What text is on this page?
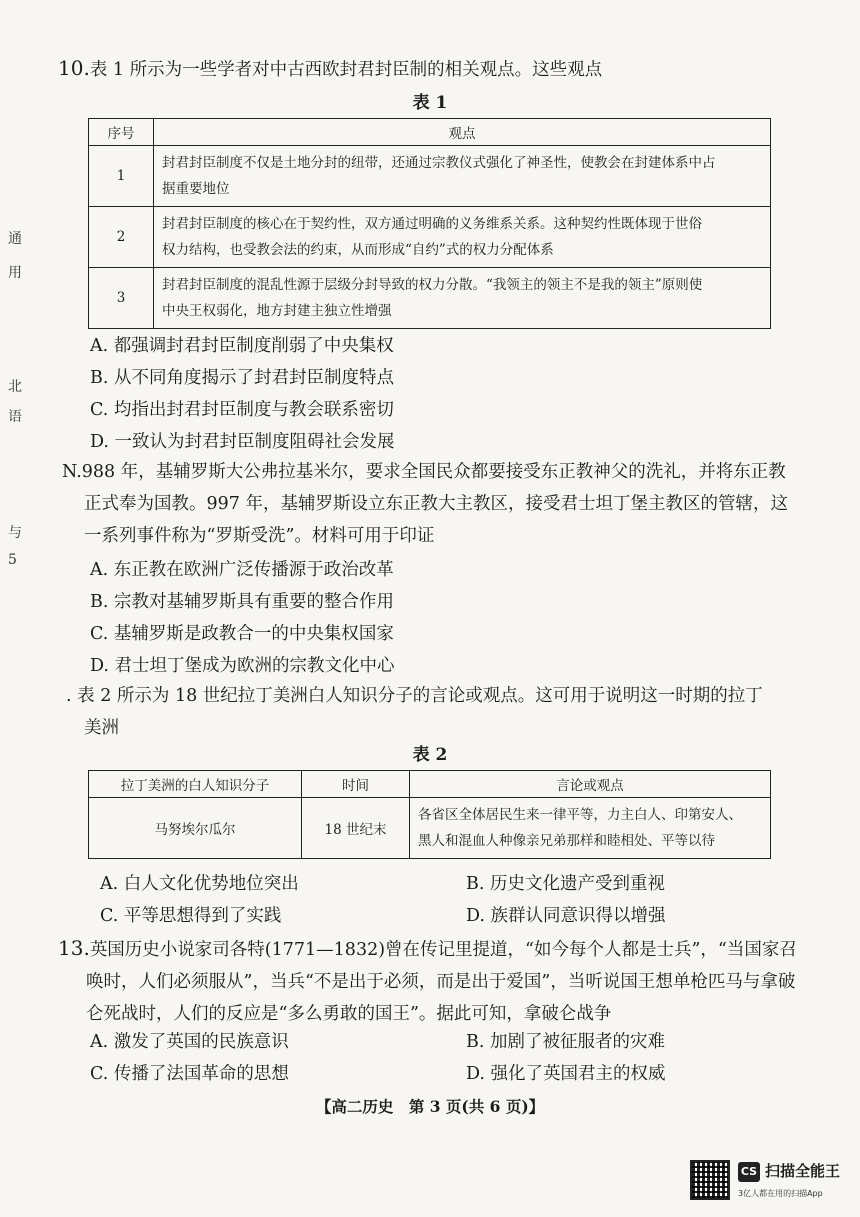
通
用
北
语
与
5
10.表 1 所示为一些学者对中古西欧封君封臣制的相关观点。这些观点
表 1
序号	观点
1	封君封臣制度不仅是土地分封的纽带，还通过宗教仪式强化了神圣性，使教会在封建体系中占
据重要地位

2	封君封臣制度的核心在于契约性，双方通过明确的义务维系关系。这种契约性既体现于世俗
权力结构，也受教会法的约束，从而形成“自约”式的权力分配体系

3	封君封臣制度的混乱性源于层级分封导致的权力分散。“我领主的领主不是我的领主”原则使
中央王权弱化，地方封建主独立性增强
A. 都强调封君封臣制度削弱了中央集权
B. 从不同角度揭示了封君封臣制度特点
C. 均指出封君封臣制度与教会联系密切
D. 一致认为封君封臣制度阻碍社会发展
N.988 年，基辅罗斯大公弗拉基米尔，要求全国民众都要接受东正教神父的洗礼，并将东正教
正式奉为国教。997 年，基辅罗斯设立东正教大主教区，接受君士坦丁堡主教区的管辖，这
一系列事件称为“罗斯受洗”。材料可用于印证
A. 东正教在欧洲广泛传播源于政治改革
B. 宗教对基辅罗斯具有重要的整合作用
C. 基辅罗斯是政教合一的中央集权国家
D. 君士坦丁堡成为欧洲的宗教文化中心
. 表 2 所示为 18 世纪拉丁美洲白人知识分子的言论或观点。这可用于说明这一时期的拉丁
美洲
表 2
拉丁美洲的白人知识分子	时间	言论或观点
马努埃尔瓜尔	18 世纪末	各省区全体居民生来一律平等，力主白人、印第安人、
黑人和混血人种像亲兄弟那样和睦相处、平等以待
A. 白人文化优势地位突出	B. 历史文化遗产受到重视
C. 平等思想得到了实践	D. 族群认同意识得以增强
13.英国历史小说家司各特(1771—1832)曾在传记里提道，“如今每个人都是士兵”，“当国家召
唤时，人们必须服从”，当兵“不是出于必须，而是出于爱国”，当听说国王想单枪匹马与拿破
仑死战时，人们的反应是“多么勇敢的国王”。据此可知，拿破仑战争
A. 激发了英国的民族意识	B. 加剧了被征服者的灾难
C. 传播了法国革命的思想	D. 强化了英国君主的权威
【高二历史　第 3 页(共 6 页)】
CS 扫描全能王
3亿人都在用的扫描App
